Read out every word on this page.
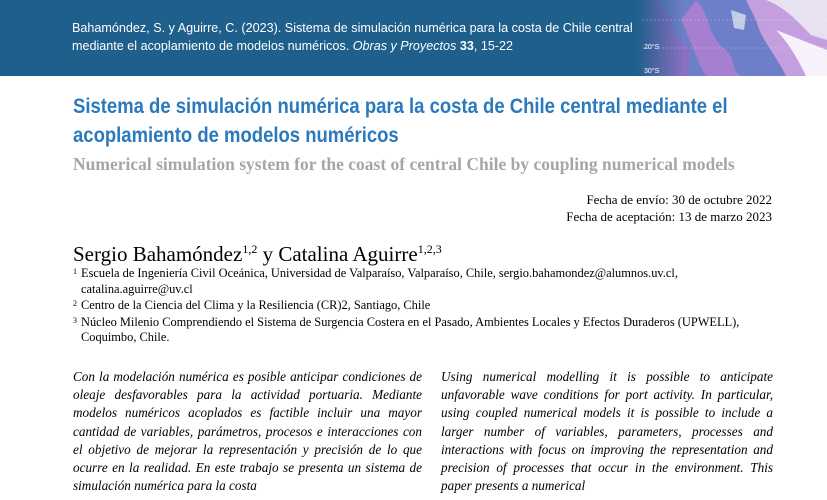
Bahamóndez, S. y Aguirre, C. (2023). Sistema de simulación numérica para la costa de Chile central mediante el acoplamiento de modelos numéricos. Obras y Proyectos 33, 15-22	20°S
30°S
Sistema de simulación numérica para la costa de Chile central mediante el acoplamiento de modelos numéricos
Numerical simulation system for the coast of central Chile by coupling numerical models
Fecha de envío: 30 de octubre 2022
Fecha de aceptación: 13 de marzo 2023
Sergio Bahamóndez$^{1,2}$ y Catalina Aguirre$^{1,2,3}$
1 Escuela de Ingeniería Civil Oceánica, Universidad de Valparaíso, Valparaíso, Chile, sergio.bahamondez@alumnos.uv.cl, catalina.aguirre@uv.cl
2 Centro de la Ciencia del Clima y la Resiliencia (CR)2, Santiago, Chile
3 Núcleo Milenio Comprendiendo el Sistema de Surgencia Costera en el Pasado, Ambientes Locales y Efectos Duraderos (UPWELL), Coquimbo, Chile.

Con la modelación numérica es posible anticipar condiciones de oleaje desfavorables para la actividad portuaria. Mediante modelos numéricos acoplados es factible incluir una mayor cantidad de variables, parámetros, procesos e interacciones con el objetivo de mejorar la representación y precisión de lo que ocurre en la realidad. En este trabajo se presenta un sistema de simulación numérica para la costa

Using numerical modelling it is possible to anticipate unfavorable wave conditions for port activity. In particular, using coupled numerical models it is possible to include a larger number of variables, parameters, processes and interactions with focus on improving the representation and precision of processes that occur in the environment. This paper presents a numerical
